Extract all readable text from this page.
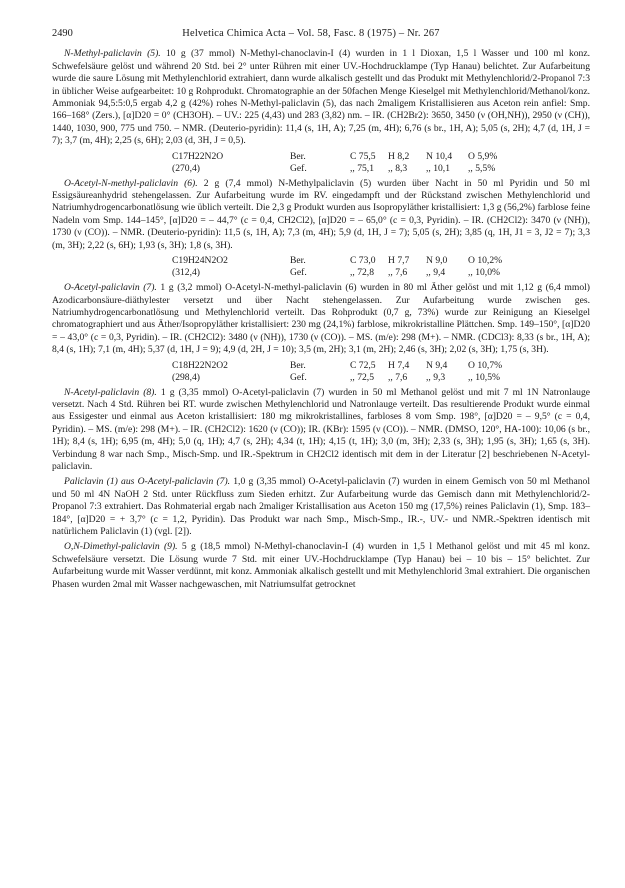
2490	Helvetica Chimica Acta – Vol. 58, Fasc. 8 (1975) – Nr. 267

N-Methyl-paliclavin (5). 10 g (37 mmol) N-Methyl-chanoclavin-I (4) wurden in 1 l Dioxan, 1,5 l Wasser und 100 ml konz. Schwefelsäure gelöst und während 20 Std. bei 2° unter Rühren mit einer UV.-Hochdrucklampe (Typ Hanau) belichtet. Zur Aufarbeitung wurde die saure Lösung mit Methylenchlorid extrahiert, dann wurde alkalisch gestellt und das Produkt mit Methylenchlorid/2-Propanol 7:3 in üblicher Weise aufgearbeitet: 10 g Rohprodukt. Chromatographie an der 50fachen Menge Kieselgel mit Methylenchlorid/Methanol/konz. Ammoniak 94,5:5:0,5 ergab 4,2 g (42%) rohes N-Methyl-paliclavin (5), das nach 2maligem Kristallisieren aus Aceton rein anfiel: Smp. 166–168° (Zers.), [α]D20 = 0° (CH3OH). – UV.: 225 (4,43) und 283 (3,82) nm. – IR. (CH2Br2): 3650, 3450 (ν (OH,NH)), 2950 (ν (CH)), 1440, 1030, 900, 775 und 750. – NMR. (Deuterio-pyridin): 11,4 (s, 1H, A); 7,25 (m, 4H); 6,76 (s br., 1H, A); 5,05 (s, 2H); 4,7 (d, 1H, J = 7); 3,7 (m, 4H); 2,25 (s, 6H); 2,03 (d, 3H, J = 0,5).

C17H22N2O	Ber.	C 75,5	H 8,2	N 10,4	O 5,9%
(270,4)	Gef.	,, 75,1	,, 8,3	,, 10,1	,, 5,5%

O-Acetyl-N-methyl-paliclavin (6). 2 g (7,4 mmol) N-Methylpaliclavin (5) wurden über Nacht in 50 ml Pyridin und 50 ml Essigsäureanhydrid stehengelassen. Zur Aufarbeitung wurde im RV. eingedampft und der Rückstand zwischen Methylenchlorid und Natriumhydrogencarbonatlösung wie üblich verteilt. Die 2,3 g Produkt wurden aus Isopropyläther kristallisiert: 1,3 g (56,2%) farblose feine Nadeln vom Smp. 144–145°, [α]D20 = – 44,7° (c = 0,4, CH2Cl2), [α]D20 = – 65,0° (c = 0,3, Pyridin). – IR. (CH2Cl2): 3470 (ν (NH)), 1730 (ν (CO)). – NMR. (Deuterio-pyridin): 11,5 (s, 1H, A); 7,3 (m, 4H); 5,9 (d, 1H, J = 7); 5,05 (s, 2H); 3,85 (q, 1H, J1 = 3, J2 = 7); 3,3 (m, 3H); 2,22 (s, 6H); 1,93 (s, 3H); 1,8 (s, 3H).

C19H24N2O2	Ber.	C 73,0	H 7,7	N 9,0	O 10,2%
(312,4)	Gef.	,, 72,8	,, 7,6	,, 9,4	,, 10,0%

O-Acetyl-paliclavin (7). 1 g (3,2 mmol) O-Acetyl-N-methyl-paliclavin (6) wurden in 80 ml Äther gelöst und mit 1,12 g (6,4 mmol) Azodicarbonsäure-diäthylester versetzt und über Nacht stehengelassen. Zur Aufarbeitung wurde zwischen ges. Natriumhydrogencarbonatlösung und Methylenchlorid verteilt. Das Rohprodukt (0,7 g, 73%) wurde zur Reinigung an Kieselgel chromatographiert und aus Äther/Isopropyläther kristallisiert: 230 mg (24,1%) farblose, mikrokristalline Plättchen. Smp. 149–150°, [α]D20 = – 43,0° (c = 0,3, Pyridin). – IR. (CH2Cl2): 3480 (ν (NH)), 1730 (ν (CO)). – MS. (m/e): 298 (M+). – NMR. (CDCl3): 8,33 (s br., 1H, A); 8,4 (s, 1H); 7,1 (m, 4H); 5,37 (d, 1H, J = 9); 4,9 (d, 2H, J = 10); 3,5 (m, 2H); 3,1 (m, 2H); 2,46 (s, 3H); 2,02 (s, 3H); 1,75 (s, 3H).

C18H22N2O2	Ber.	C 72,5	H 7,4	N 9,4	O 10,7%
(298,4)	Gef.	,, 72,5	,, 7,6	,, 9,3	,, 10,5%

N-Acetyl-paliclavin (8). 1 g (3,35 mmol) O-Acetyl-paliclavin (7) wurden in 50 ml Methanol gelöst und mit 7 ml 1N Natronlauge versetzt. Nach 4 Std. Rühren bei RT. wurde zwischen Methylenchlorid und Natronlauge verteilt. Das resultierende Produkt wurde einmal aus Essigester und einmal aus Aceton kristallisiert: 180 mg mikrokristallines, farbloses 8 vom Smp. 198°, [α]D20 = – 9,5° (c = 0,4, Pyridin). – MS. (m/e): 298 (M+). – IR. (CH2Cl2): 1620 (ν (CO)); IR. (KBr): 1595 (ν (CO)). – NMR. (DMSO, 120°, HA-100): 10,06 (s br., 1H); 8,4 (s, 1H); 6,95 (m, 4H); 5,0 (q, 1H); 4,7 (s, 2H); 4,34 (t, 1H); 4,15 (t, 1H); 3,0 (m, 3H); 2,33 (s, 3H); 1,95 (s, 3H); 1,65 (s, 3H). Verbindung 8 war nach Smp., Misch-Smp. und IR.-Spektrum in CH2Cl2 identisch mit dem in der Literatur [2] beschriebenen N-Acetyl-paliclavin.

Paliclavin (1) aus O-Acetyl-paliclavin (7). 1,0 g (3,35 mmol) O-Acetyl-paliclavin (7) wurden in einem Gemisch von 50 ml Methanol und 50 ml 4N NaOH 2 Std. unter Rückfluss zum Sieden erhitzt. Zur Aufarbeitung wurde das Gemisch dann mit Methylenchlorid/2-Propanol 7:3 extrahiert. Das Rohmaterial ergab nach 2maliger Kristallisation aus Aceton 150 mg (17,5%) reines Paliclavin (1), Smp. 183–184°, [α]D20 = + 3,7° (c = 1,2, Pyridin). Das Produkt war nach Smp., Misch-Smp., IR.-, UV.- und NMR.-Spektren identisch mit natürlichem Paliclavin (1) (vgl. [2]).

O,N-Dimethyl-paliclavin (9). 5 g (18,5 mmol) N-Methyl-chanoclavin-I (4) wurden in 1,5 l Methanol gelöst und mit 45 ml konz. Schwefelsäure versetzt. Die Lösung wurde 7 Std. mit einer UV.-Hochdrucklampe (Typ Hanau) bei – 10 bis – 15° belichtet. Zur Aufarbeitung wurde mit Wasser verdünnt, mit konz. Ammoniak alkalisch gestellt und mit Methylenchlorid 3mal extrahiert. Die organischen Phasen wurden 2mal mit Wasser nachgewaschen, mit Natriumsulfat getrocknet
